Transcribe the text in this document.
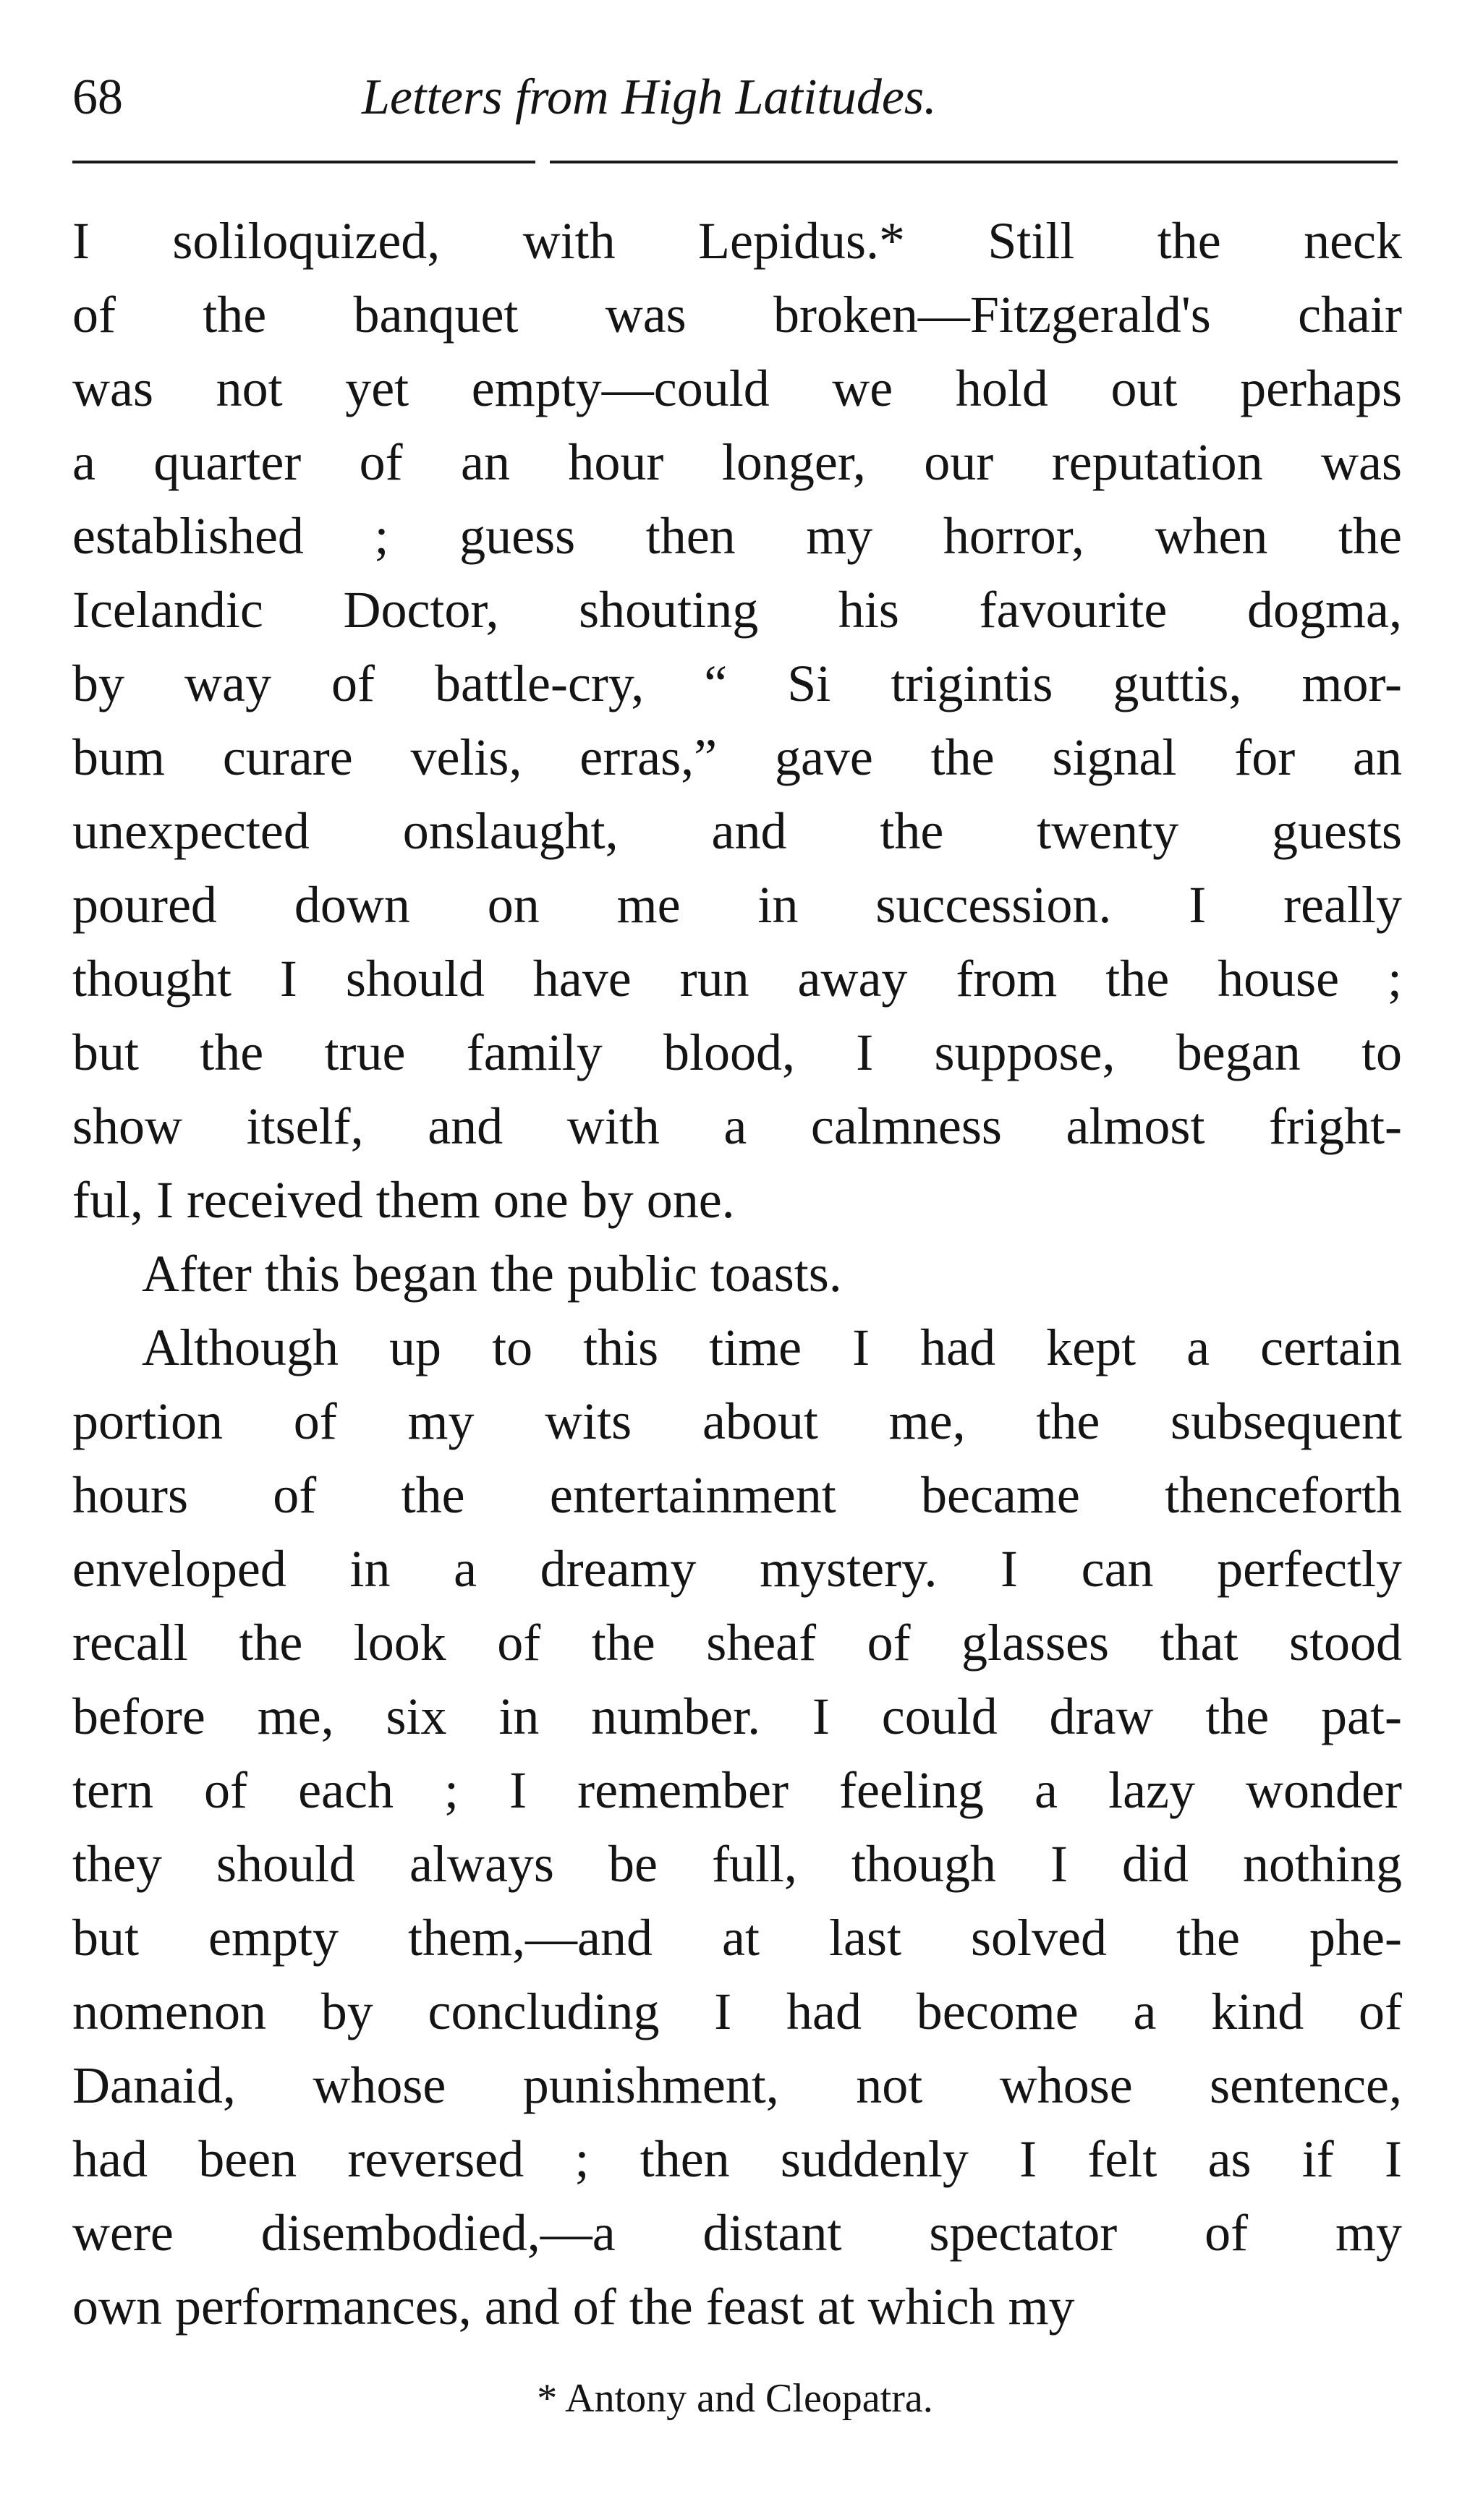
68	Letters from High Latitudes.
I soliloquized, with Lepidus.* Still the neck
of the banquet was broken—Fitzgerald's chair
was not yet empty—could we hold out perhaps
a quarter of an hour longer, our reputation was
established ; guess then my horror, when the
Icelandic Doctor, shouting his favourite dogma,
by way of battle-cry, “ Si trigintis guttis, mor-
bum curare velis, erras,” gave the signal for an
unexpected onslaught, and the twenty guests
poured down on me in succession. I really
thought I should have run away from the house ;
but the true family blood, I suppose, began to
show itself, and with a calmness almost fright-
ful, I received them one by one.
After this began the public toasts.
Although up to this time I had kept a certain
portion of my wits about me, the subsequent
hours of the entertainment became thenceforth
enveloped in a dreamy mystery. I can perfectly
recall the look of the sheaf of glasses that stood
before me, six in number. I could draw the pat-
tern of each ; I remember feeling a lazy wonder
they should always be full, though I did nothing
but empty them,—and at last solved the phe-
nomenon by concluding I had become a kind of
Danaid, whose punishment, not whose sentence,
had been reversed ; then suddenly I felt as if I
were disembodied,—a distant spectator of my
own performances, and of the feast at which my
* Antony and Cleopatra.
